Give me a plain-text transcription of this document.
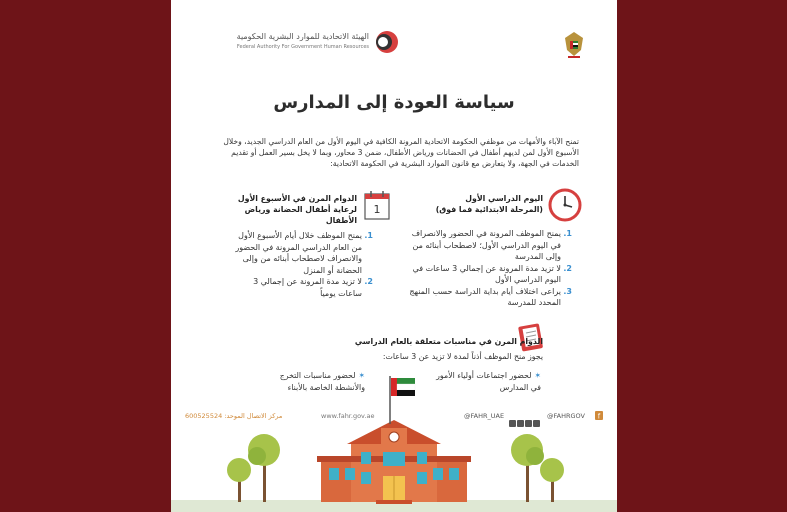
الهيئة الاتحادية للموارد البشرية الحكومية
Federal Authority For Government Human Resources
سياسة العودة إلى المدارس
تمنح الآباء والأمهات من موظفي الحكومة الاتحادية المرونة الكافية في اليوم الأول من العام الدراسي الجديد، وخلال الأسبوع الأول لمن لديهم أطفال في الحضانات ورياض الأطفال، ضمن 3 محاور، وبما لا يخل بسير العمل أو تقديم الخدمات في الجهة، ولا يتعارض مع قانون الموارد البشرية في الحكومة الاتحادية:
1
اليوم الدراسي الأول
(المرحلة الابتدائية فما فوق)
1.
يمنح الموظف المرونة في الحضور والانصراف في اليوم الدراسي الأول؛ لاصطحاب أبنائه من وإلى المدرسة
2.
لا تزيد مدة المرونة عن إجمالي 3 ساعات في اليوم الدراسي الأول
3.
يراعى اختلاف أيام بداية الدراسة حسب المنهج المحدد للمدرسة
الدوام المرن في الأسبوع الأول
لرعاية أطفال الحضانة ورياض الأطفال
1.
يمنح الموظف خلال أيام الأسبوع الأول من العام الدراسي المرونة في الحضور والانصراف لاصطحاب أبنائه من وإلى الحضانة أو المنزل
2.
لا تزيد مدة المرونة عن إجمالي 3 ساعات يومياً
الدوام المرن في مناسبات متعلقة بالعام الدراسي
يجوز منح الموظف أذناً لمدة لا تزيد عن 3 ساعات:
✶لحضور اجتماعات أولياء الأمور في المدارس
✶لحضور مناسبات التخرج والأنشطة الخاصة بالأبناء
مركز الاتصال الموحد: 600525524	www.fahr.gov.ae	@FAHR_UAE	@FAHRGOV f
